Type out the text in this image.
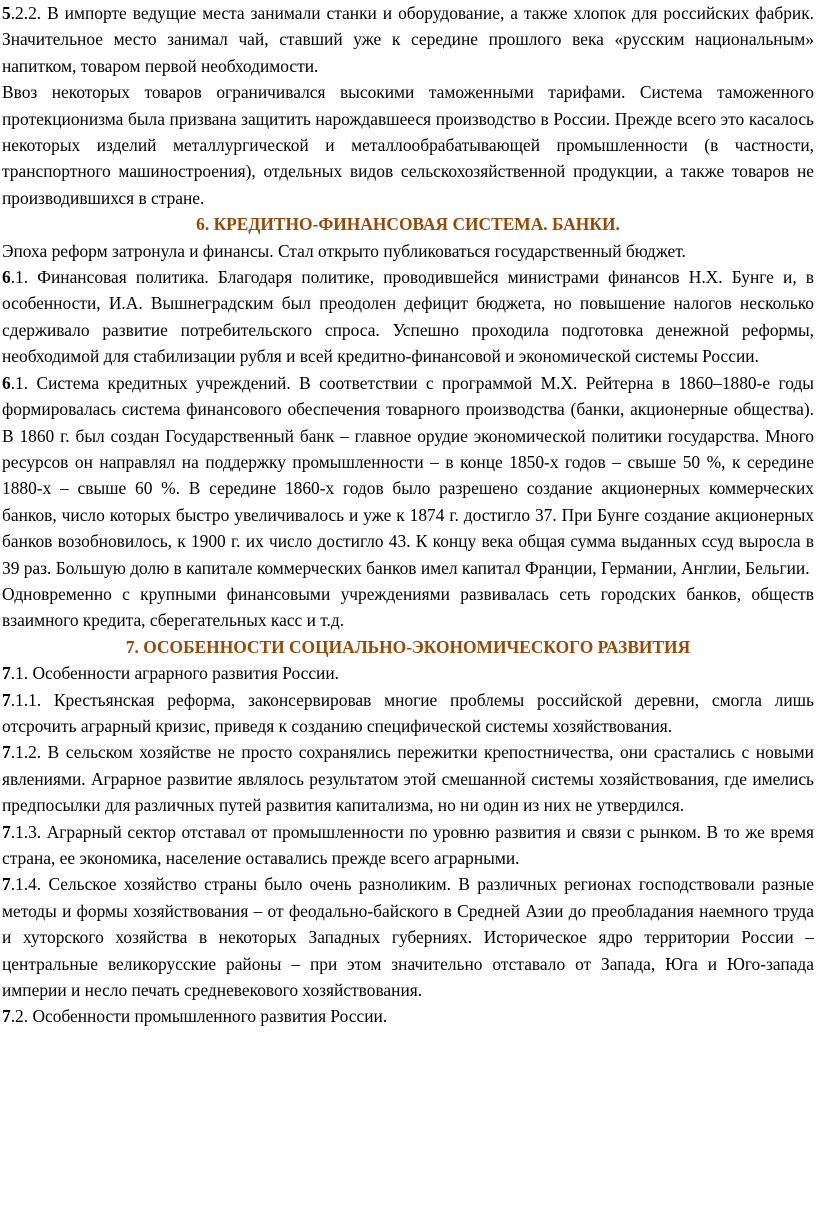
5.2.2. В импорте ведущие места занимали станки и оборудование, а также хлопок для российских фабрик. Значительное место занимал чай, ставший уже к середине прошлого века «русским национальным» напитком, товаром первой необходимости.

Ввоз некоторых товаров ограничивался высокими таможенными тарифами. Система таможенного протекционизма была призвана защитить нарождавшееся производство в России. Прежде всего это касалось некоторых изделий металлургической и металлообрабатывающей промышленности (в частности, транспортного машиностроения), отдельных видов сельскохозяйственной продукции, а также товаров не производившихся в стране.

6. КРЕДИТНО-ФИНАНСОВАЯ СИСТЕМА. БАНКИ.

Эпоха реформ затронула и финансы. Стал открыто публиковаться государственный бюджет.

6.1. Финансовая политика. Благодаря политике, проводившейся министрами финансов Н.Х. Бунге и, в особенности, И.А. Вышнеградским был преодолен дефицит бюджета, но повышение налогов несколько сдерживало развитие потребительского спроса. Успешно проходила подготовка денежной реформы, необходимой для стабилизации рубля и всей кредитно-финансовой и экономической системы России.

6.1. Система кредитных учреждений. В соответствии с программой М.Х. Рейтерна в 1860–1880-е годы формировалась система финансового обеспечения товарного производства (банки, акционерные общества). В 1860 г. был создан Государственный банк – главное орудие экономической политики государства. Много ресурсов он направлял на поддержку промышленности – в конце 1850-х годов – свыше 50 %, к середине 1880-х – свыше 60 %. В середине 1860-х годов было разрешено создание акционерных коммерческих банков, число которых быстро увеличивалось и уже к 1874 г. достигло 37. При Бунге создание акционерных банков возобновилось, к 1900 г. их число достигло 43. К концу века общая сумма выданных ссуд выросла в 39 раз. Большую долю в капитале коммерческих банков имел капитал Франции, Германии, Англии, Бельгии.

Одновременно с крупными финансовыми учреждениями развивалась сеть городских банков, обществ взаимного кредита, сберегательных касс и т.д.

7. ОСОБЕННОСТИ СОЦИАЛЬНО-ЭКОНОМИЧЕСКОГО РАЗВИТИЯ

7.1. Особенности аграрного развития России.

7.1.1. Крестьянская реформа, законсервировав многие проблемы российской деревни, смогла лишь отсрочить аграрный кризис, приведя к созданию специфической системы хозяйствования.

7.1.2. В сельском хозяйстве не просто сохранялись пережитки крепостничества, они срастались с новыми явлениями. Аграрное развитие являлось результатом этой смешанной системы хозяйствования, где имелись предпосылки для различных путей развития капитализма, но ни один из них не утвердился.

7.1.3. Аграрный сектор отставал от промышленности по уровню развития и связи с рынком. В то же время страна, ее экономика, население оставались прежде всего аграрными.

7.1.4. Сельское хозяйство страны было очень разноликим. В различных регионах господствовали разные методы и формы хозяйствования – от феодально-байского в Средней Азии до преобладания наемного труда и хуторского хозяйства в некоторых Западных губерниях. Историческое ядро территории России – центральные великорусские районы – при этом значительно отставало от Запада, Юга и Юго-запада империи и несло печать средневекового хозяйствования.

7.2. Особенности промышленного развития России.
